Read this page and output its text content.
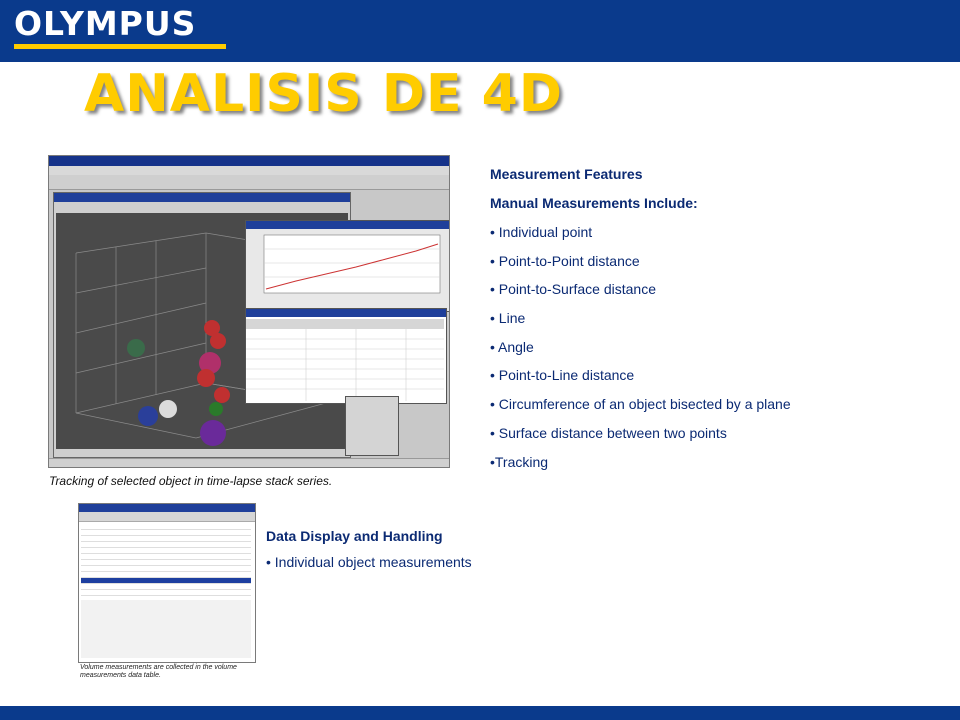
OLYMPUS
ANALISIS DE 4D
Tracking of selected object in time-lapse stack series.
Measurement Features
Manual Measurements Include:
• Individual point
• Point-to-Point distance
• Point-to-Surface distance
• Line
• Angle
• Point-to-Line distance
• Circumference of an object bisected by a plane
• Surface distance between two points
•Tracking
Volume measurements are collected in the volume measurements data table.
Data Display and Handling
• Individual object measurements
